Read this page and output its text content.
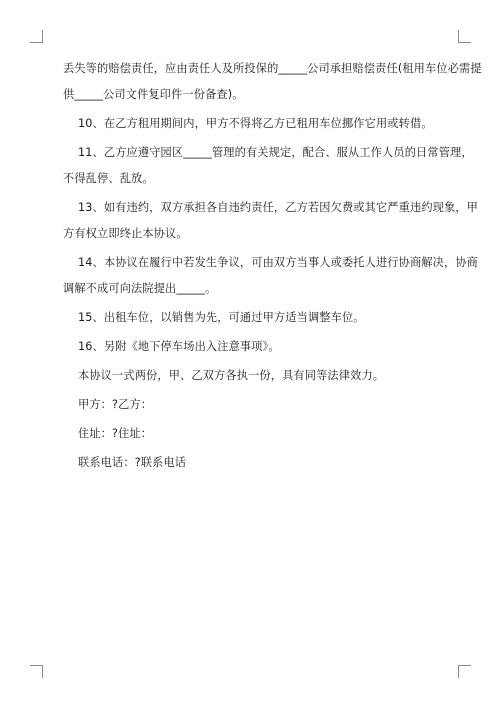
丢失等的赔偿责任，应由责任人及所投保的_____公司承担赔偿责任(租用车位必需提

供_____公司文件复印件一份备查)。

10、在乙方租用期间内，甲方不得将乙方已租用车位挪作它用或转借。

11、乙方应遵守园区_____管理的有关规定，配合、服从工作人员的日常管理，

不得乱停、乱放。

13、如有违约，双方承担各自违约责任，乙方若因欠费或其它严重违约现象，甲

方有权立即终止本协议。

14、本协议在履行中若发生争议，可由双方当事人或委托人进行协商解决，协商

调解不成可向法院提出_____。

15、出租车位，以销售为先，可通过甲方适当调整车位。

16、另附《地下停车场出入注意事项》。

本协议一式两份，甲、乙双方各执一份，具有同等法律效力。

甲方：?乙方：

住址：?住址：

联系电话：?联系电话
